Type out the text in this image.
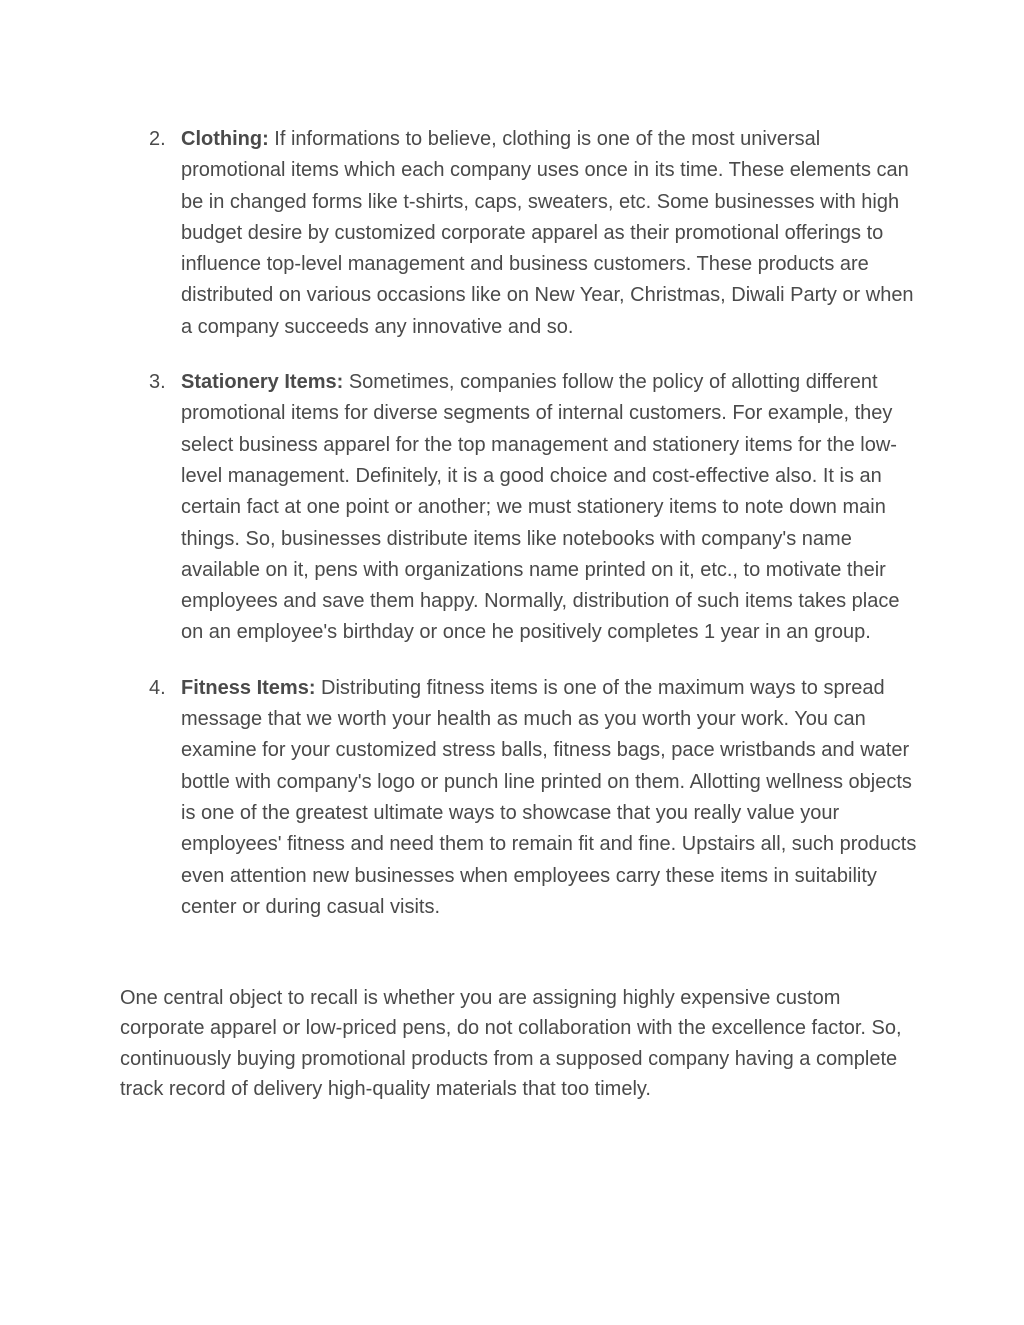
2. Clothing: If informations to believe, clothing is one of the most universal promotional items which each company uses once in its time. These elements can be in changed forms like t-shirts, caps, sweaters, etc. Some businesses with high budget desire by customized corporate apparel as their promotional offerings to influence top-level management and business customers. These products are distributed on various occasions like on New Year, Christmas, Diwali Party or when a company succeeds any innovative and so.
3. Stationery Items: Sometimes, companies follow the policy of allotting different promotional items for diverse segments of internal customers. For example, they select business apparel for the top management and stationery items for the low-level management. Definitely, it is a good choice and cost-effective also. It is an certain fact at one point or another; we must stationery items to note down main things. So, businesses distribute items like notebooks with company's name available on it, pens with organizations name printed on it, etc., to motivate their employees and save them happy. Normally, distribution of such items takes place on an employee's birthday or once he positively completes 1 year in an group.
4. Fitness Items: Distributing fitness items is one of the maximum ways to spread message that we worth your health as much as you worth your work. You can examine for your customized stress balls, fitness bags, pace wristbands and water bottle with company's logo or punch line printed on them. Allotting wellness objects is one of the greatest ultimate ways to showcase that you really value your employees' fitness and need them to remain fit and fine. Upstairs all, such products even attention new businesses when employees carry these items in suitability center or during casual visits.

One central object to recall is whether you are assigning highly expensive custom corporate apparel or low-priced pens, do not collaboration with the excellence factor. So, continuously buying promotional products from a supposed company having a complete track record of delivery high-quality materials that too timely.
